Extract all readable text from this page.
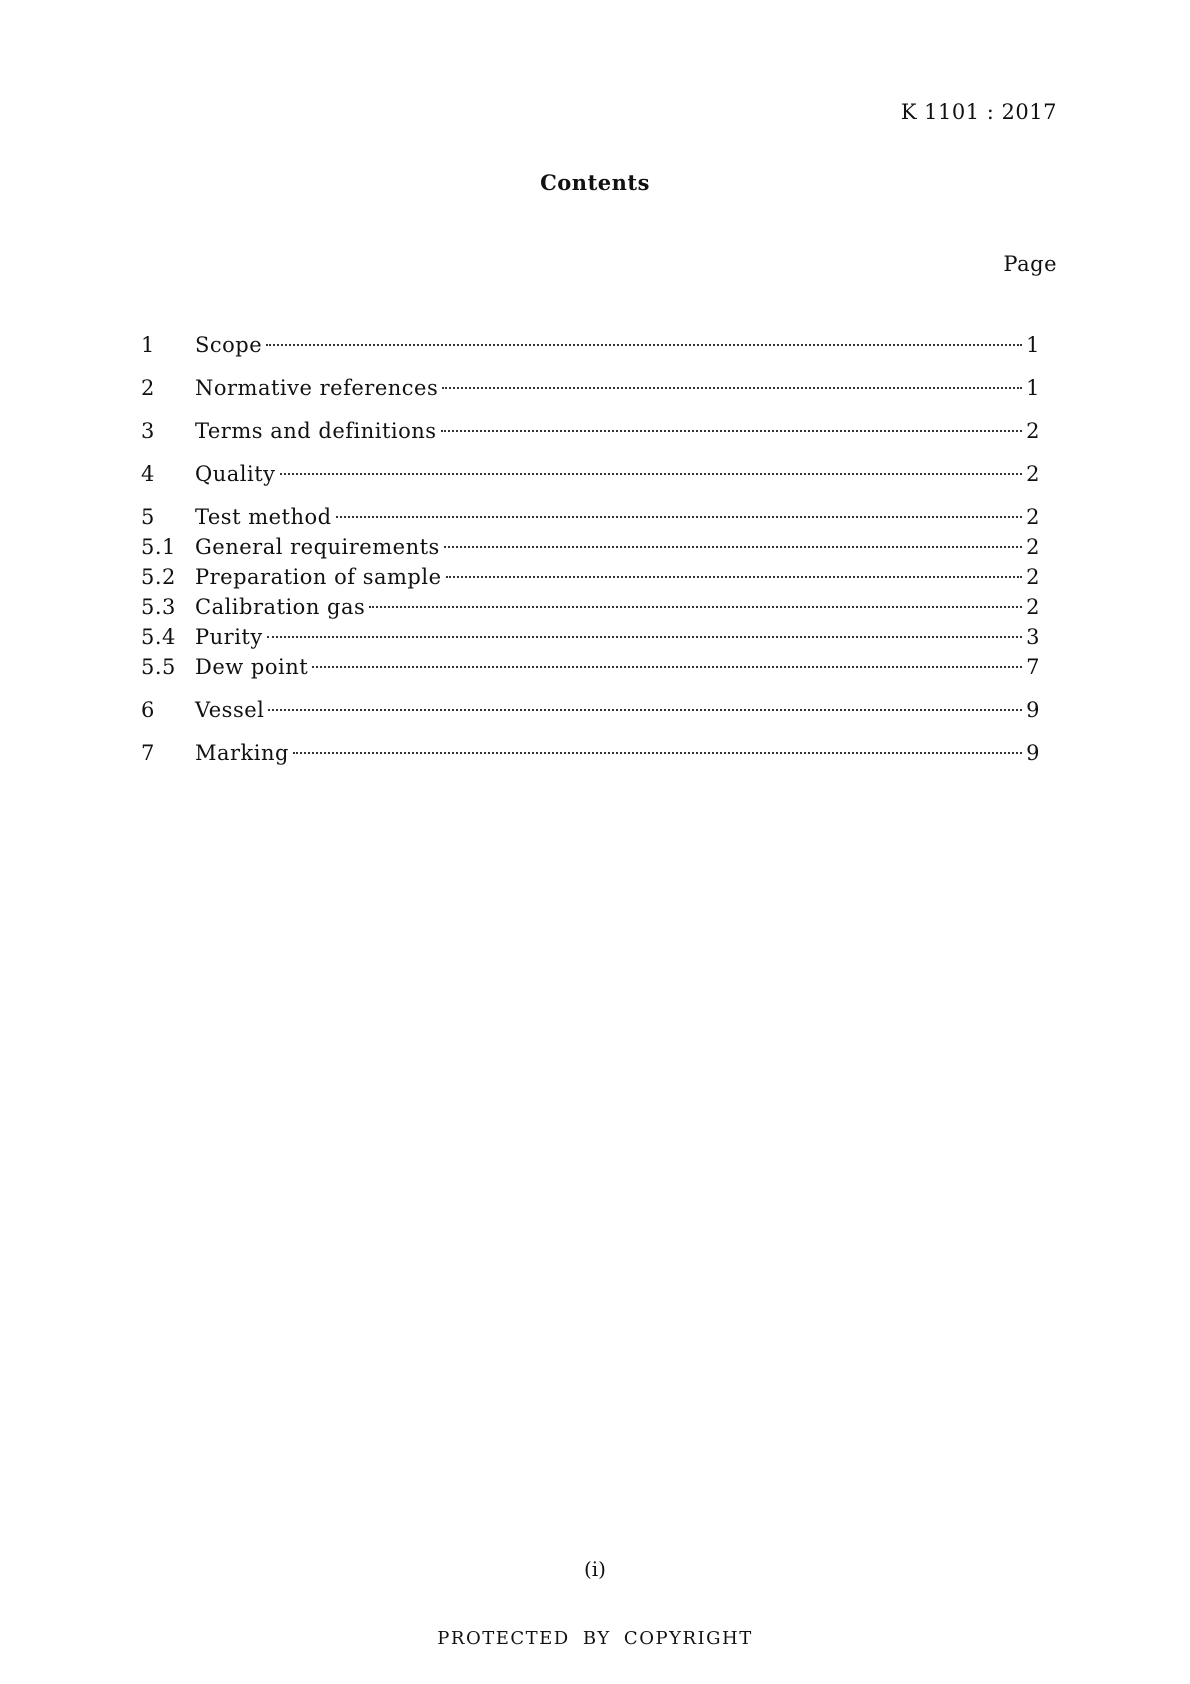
K 1101 : 2017
Contents
Page
1	Scope	1
2	Normative references	1
3	Terms and definitions	2
4	Quality	2
5	Test method	2
5.1 General requirements	2
5.2 Preparation of sample	2
5.3 Calibration gas	2
5.4 Purity	3
5.5 Dew point	7
6	Vessel	9
7	Marking	9
(i)
PROTECTED BY COPYRIGHT
